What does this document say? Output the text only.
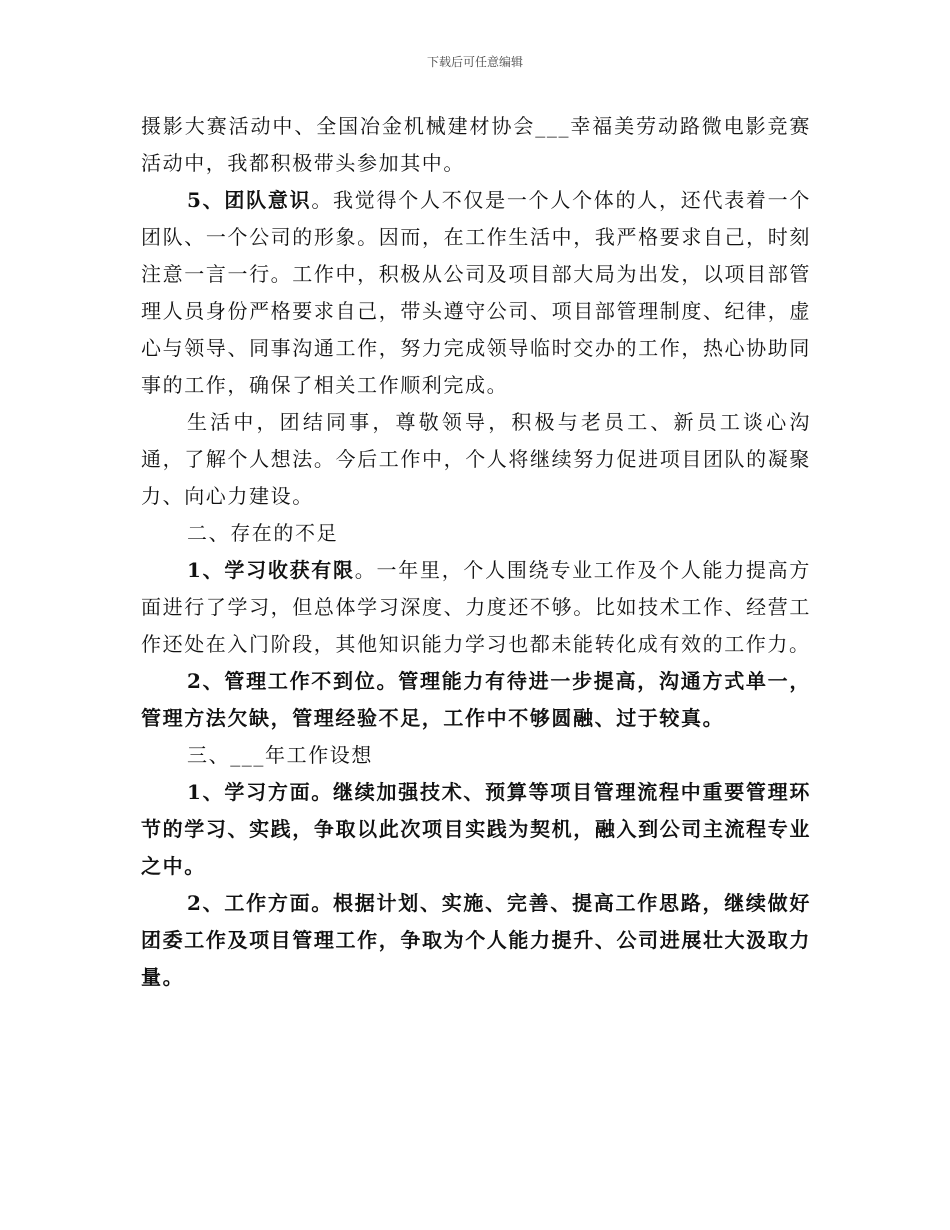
下载后可任意编辑

摄影大赛活动中、全国冶金机械建材协会___幸福美劳动路微电影竞赛活动中，我都积极带头参加其中。

5、团队意识。我觉得个人不仅是一个人个体的人，还代表着一个团队、一个公司的形象。因而，在工作生活中，我严格要求自己，时刻注意一言一行。工作中，积极从公司及项目部大局为出发，以项目部管理人员身份严格要求自己，带头遵守公司、项目部管理制度、纪律，虚心与领导、同事沟通工作，努力完成领导临时交办的工作，热心协助同事的工作，确保了相关工作顺利完成。

生活中，团结同事，尊敬领导，积极与老员工、新员工谈心沟通，了解个人想法。今后工作中，个人将继续努力促进项目团队的凝聚力、向心力建设。

二、存在的不足

1、学习收获有限。一年里，个人围绕专业工作及个人能力提高方面进行了学习，但总体学习深度、力度还不够。比如技术工作、经营工作还处在入门阶段，其他知识能力学习也都未能转化成有效的工作力。

2、管理工作不到位。管理能力有待进一步提高，沟通方式单一，管理方法欠缺，管理经验不足，工作中不够圆融、过于较真。

三、___年工作设想

1、学习方面。继续加强技术、预算等项目管理流程中重要管理环节的学习、实践，争取以此次项目实践为契机，融入到公司主流程专业之中。

2、工作方面。根据计划、实施、完善、提高工作思路，继续做好团委工作及项目管理工作，争取为个人能力提升、公司进展壮大汲取力量。
